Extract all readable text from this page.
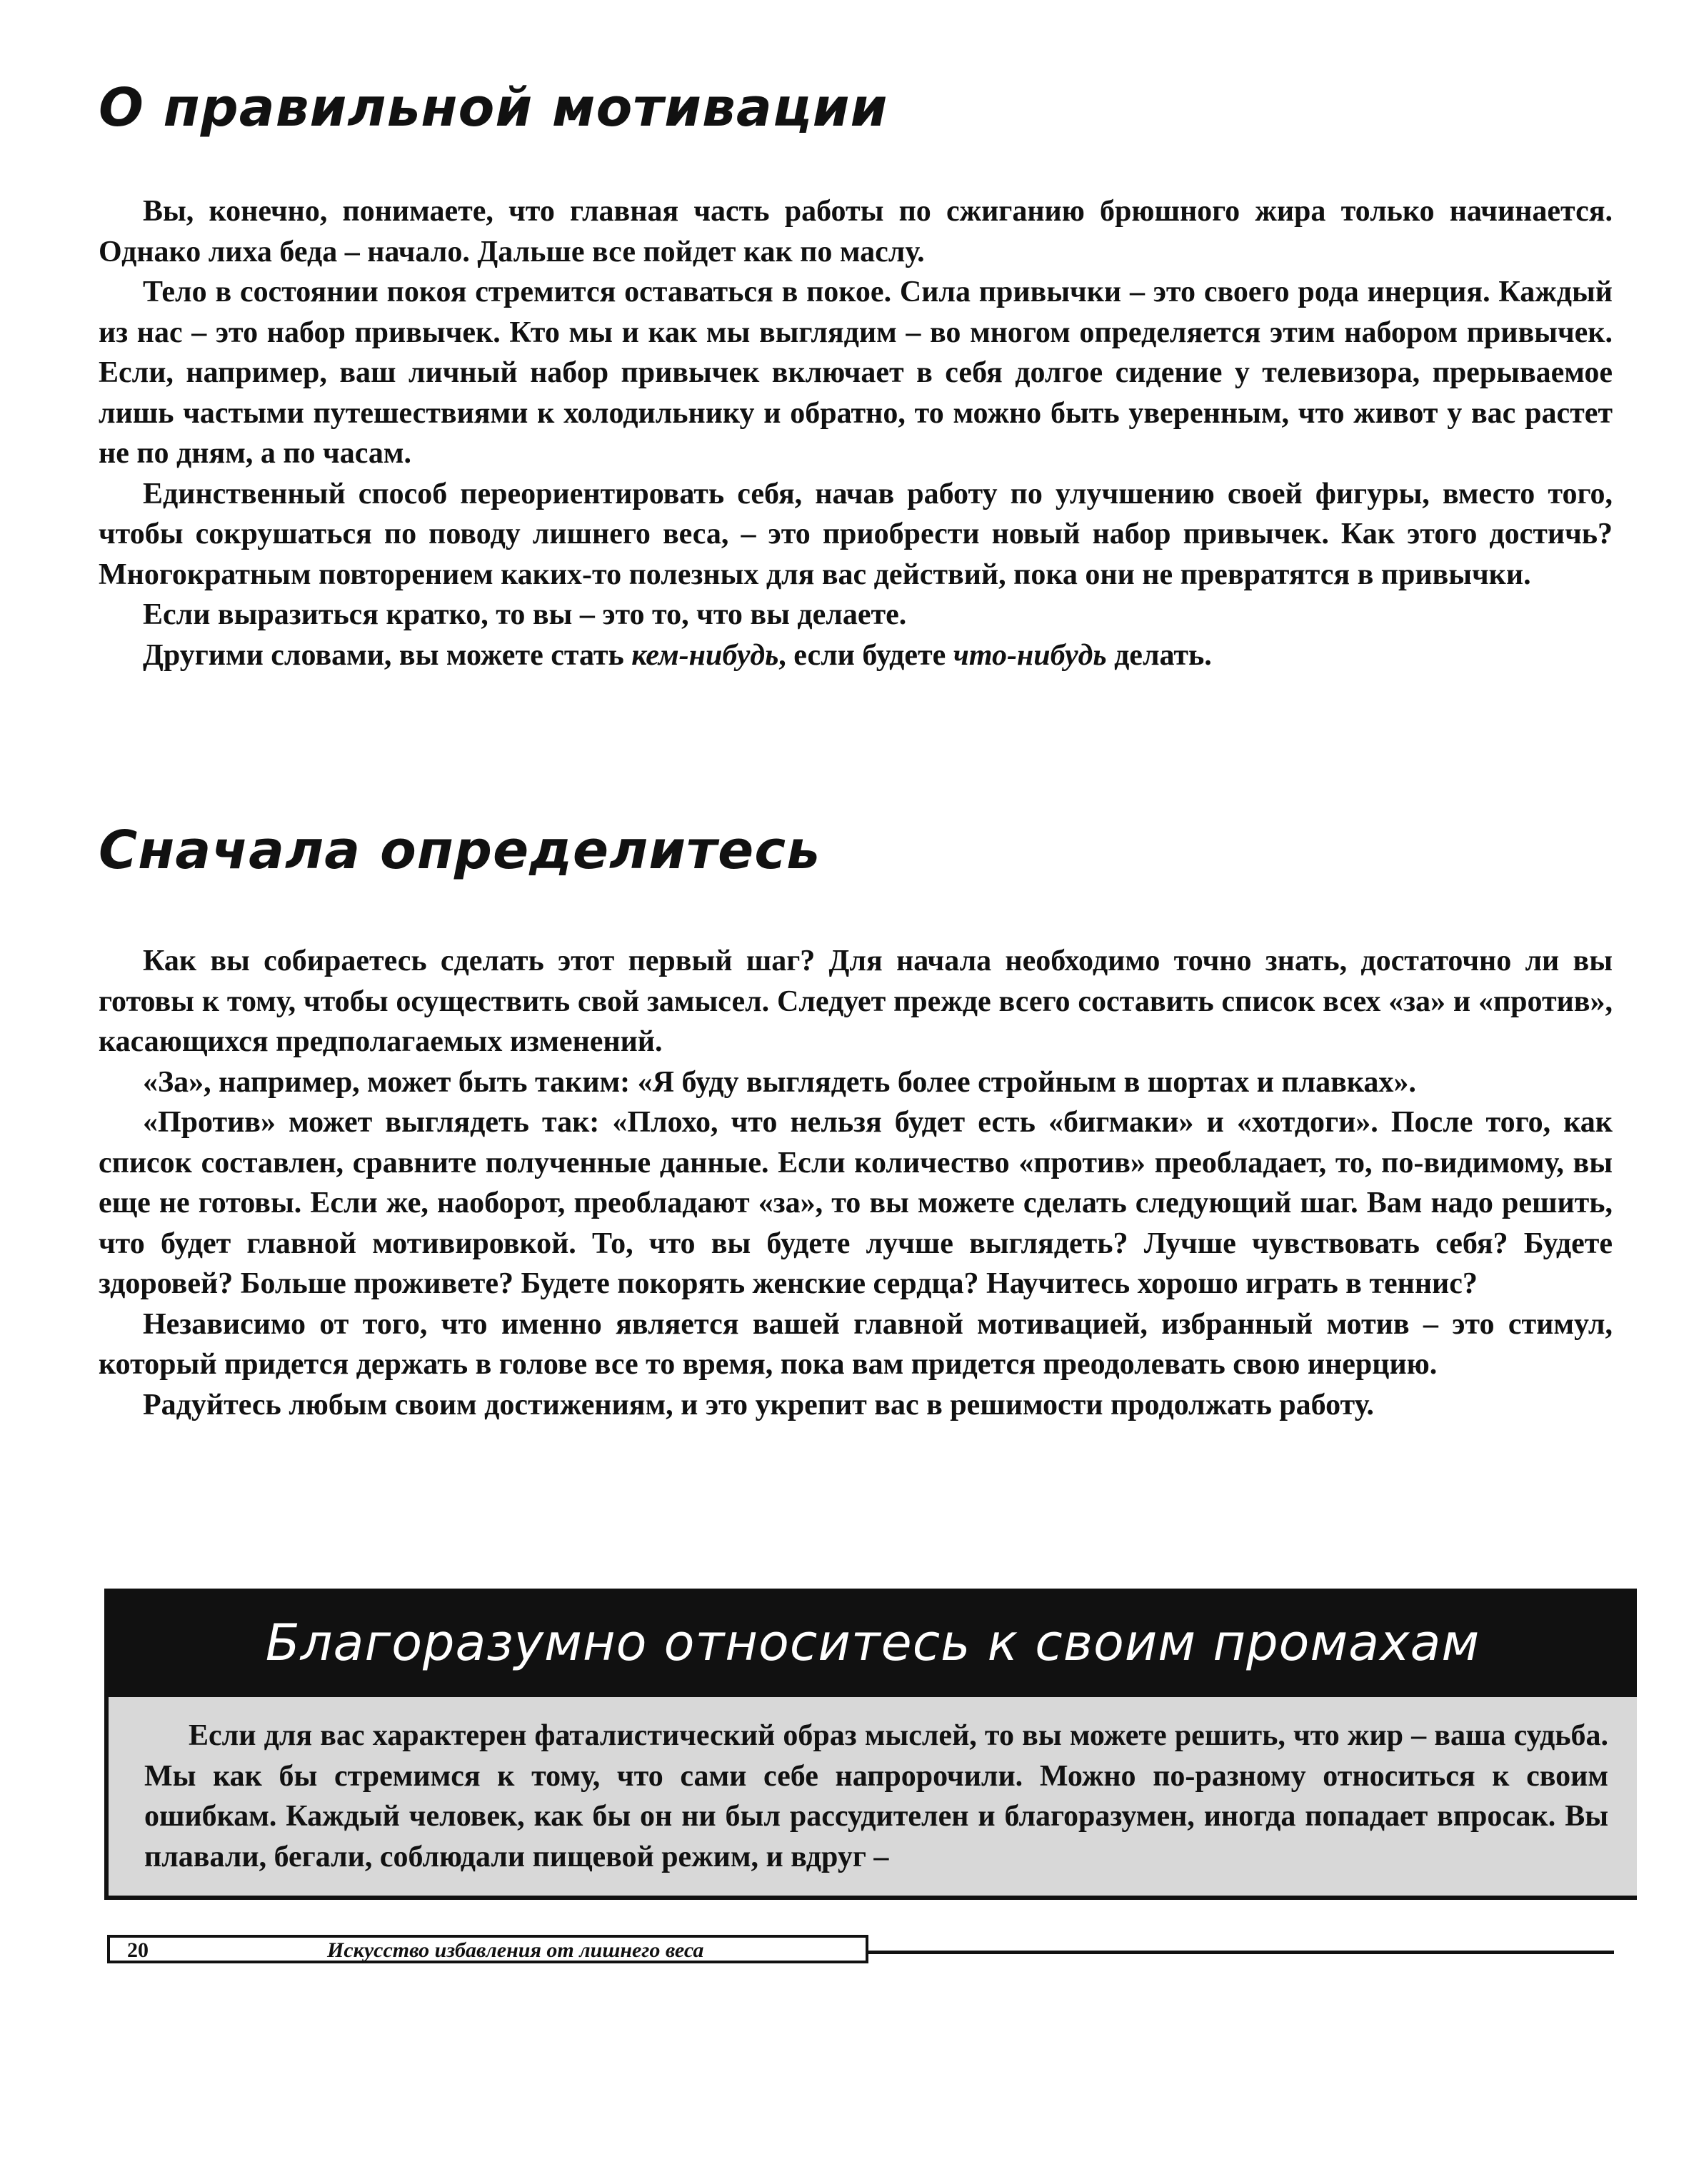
О правильной мотивации

Вы, конечно, понимаете, что главная часть работы по сжиганию брюшного жира только начинается. Однако лиха беда – начало. Дальше все пойдет как по маслу.

Тело в состоянии покоя стремится оставаться в покое. Сила привычки – это своего рода инерция. Каждый из нас – это набор привычек. Кто мы и как мы выглядим – во многом определяется этим набором привычек. Если, например, ваш личный набор привычек включает в себя долгое сидение у телевизора, прерываемое лишь частыми путешествиями к холодильнику и обратно, то можно быть уверенным, что живот у вас растет не по дням, а по часам.

Единственный способ переориентировать себя, начав работу по улучшению своей фигуры, вместо того, чтобы сокрушаться по поводу лишнего веса, – это приобрести новый набор привычек. Как этого достичь? Многократным повторением каких-то полезных для вас действий, пока они не превратятся в привычки.

Если выразиться кратко, то вы – это то, что вы делаете.

Другими словами, вы можете стать кем-нибудь, если будете что-нибудь делать.

Сначала определитесь

Как вы собираетесь сделать этот первый шаг? Для начала необходимо точно знать, достаточно ли вы готовы к тому, чтобы осуществить свой замысел. Следует прежде всего составить список всех «за» и «против», касающихся предполагаемых изменений.

«За», например, может быть таким: «Я буду выглядеть более стройным в шортах и плавках».

«Против» может выглядеть так: «Плохо, что нельзя будет есть «бигмаки» и «хотдоги». После того, как список составлен, сравните полученные данные. Если количество «против» преобладает, то, по-видимому, вы еще не готовы. Если же, наоборот, преобладают «за», то вы можете сделать следующий шаг. Вам надо решить, что будет главной мотивировкой. То, что вы будете лучше выглядеть? Лучше чувствовать себя? Будете здоровей? Больше проживете? Будете покорять женские сердца? Научитесь хорошо играть в теннис?

Независимо от того, что именно является вашей главной мотивацией, избранный мотив – это стимул, который придется держать в голове все то время, пока вам придется преодолевать свою инерцию.

Радуйтесь любым своим достижениям, и это укрепит вас в решимости продолжать работу.

Благоразумно относитесь к своим промахам

Если для вас характерен фаталистический образ мыслей, то вы можете решить, что жир – ваша судьба. Мы как бы стремимся к тому, что сами себе напророчили. Можно по-разному относиться к своим ошибкам. Каждый человек, как бы он ни был рассудителен и благоразумен, иногда попадает впросак. Вы плавали, бегали, соблюдали пищевой режим, и вдруг –

20	Искусство избавления от лишнего веса
